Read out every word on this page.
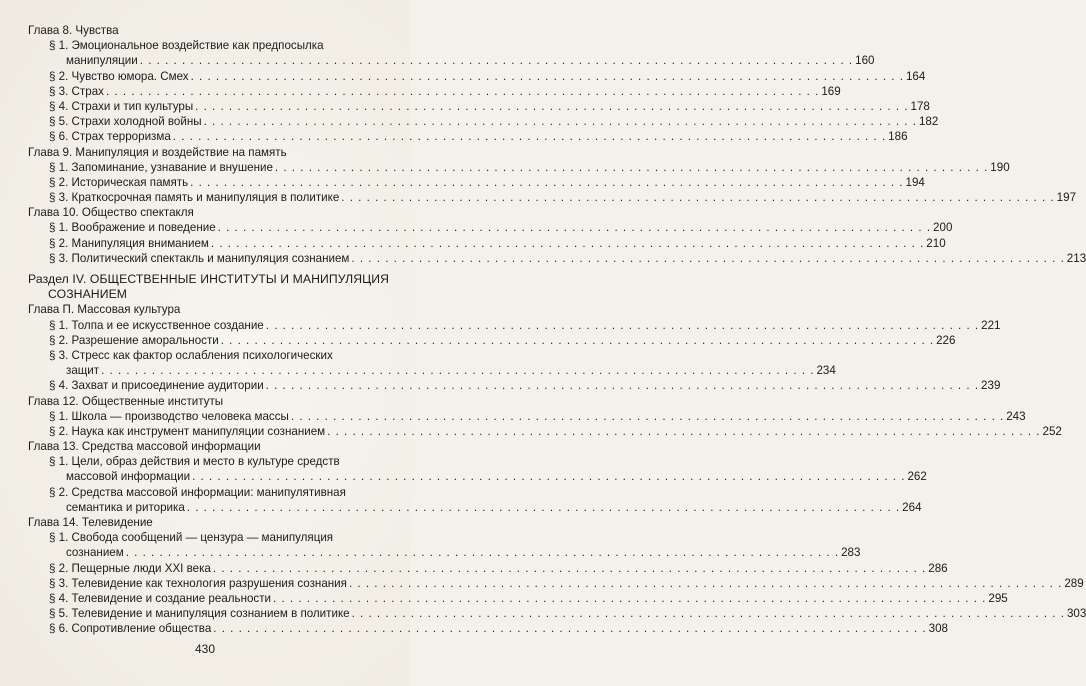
Глава 8. Чувства
§ 1. Эмоциональное воздействие как предпосылка
манипуляции . . .	160
§ 2. Чувство юмора. Смех . . .	164
§ 3. Страх . . .	169
§ 4. Страхи и тип культуры . . .	178
§ 5. Страхи холодной войны . . .	182
§ 6. Страх терроризма . . .	186
Глава 9. Манипуляция и воздействие на память
§ 1. Запоминание, узнавание и внушение . . .	190
§ 2. Историческая память . . .	194
§ 3. Краткосрочная память и манипуляция в политике . . .	197
Глава 10. Общество спектакля
§ 1. Воображение и поведение . . .	200
§ 2. Манипуляция вниманием . . .	210
§ 3. Политический спектакль и манипуляция сознанием . . .	213
Раздел IV. ОБЩЕСТВЕННЫЕ ИНСТИТУТЫ И МАНИПУЛЯЦИЯ
СОЗНАНИЕМ
Глава П. Массовая культура
§ 1. Толпа и ее искусственное создание . . .	221
§ 2. Разрешение аморальности . . .	226
§ 3. Стресс как фактор ослабления психологических
защит . . .	234
§ 4. Захват и присоединение аудитории . . .	239
Глава 12. Общественные институты
§ 1. Школа — производство человека массы . . .	243
§ 2. Наука как инструмент манипуляции сознанием . . .	252
Глава 13. Средства массовой информации
§ 1. Цели, образ действия и место в культуре средств
массовой информации . . .	262
§ 2. Средства массовой информации: манипулятивная
семантика и риторика . . .	264
Глава 14. Телевидение
§ 1. Свобода сообщений — цензура — манипуляция
сознанием . . .	283
§ 2. Пещерные люди XXI века . . .	286
§ 3. Телевидение как технология разрушения сознания . . .	289
§ 4. Телевидение и создание реальности . . .	295
§ 5. Телевидение и манипуляция сознанием в политике . . .	303
§ 6. Сопротивление общества . . .	308
430
